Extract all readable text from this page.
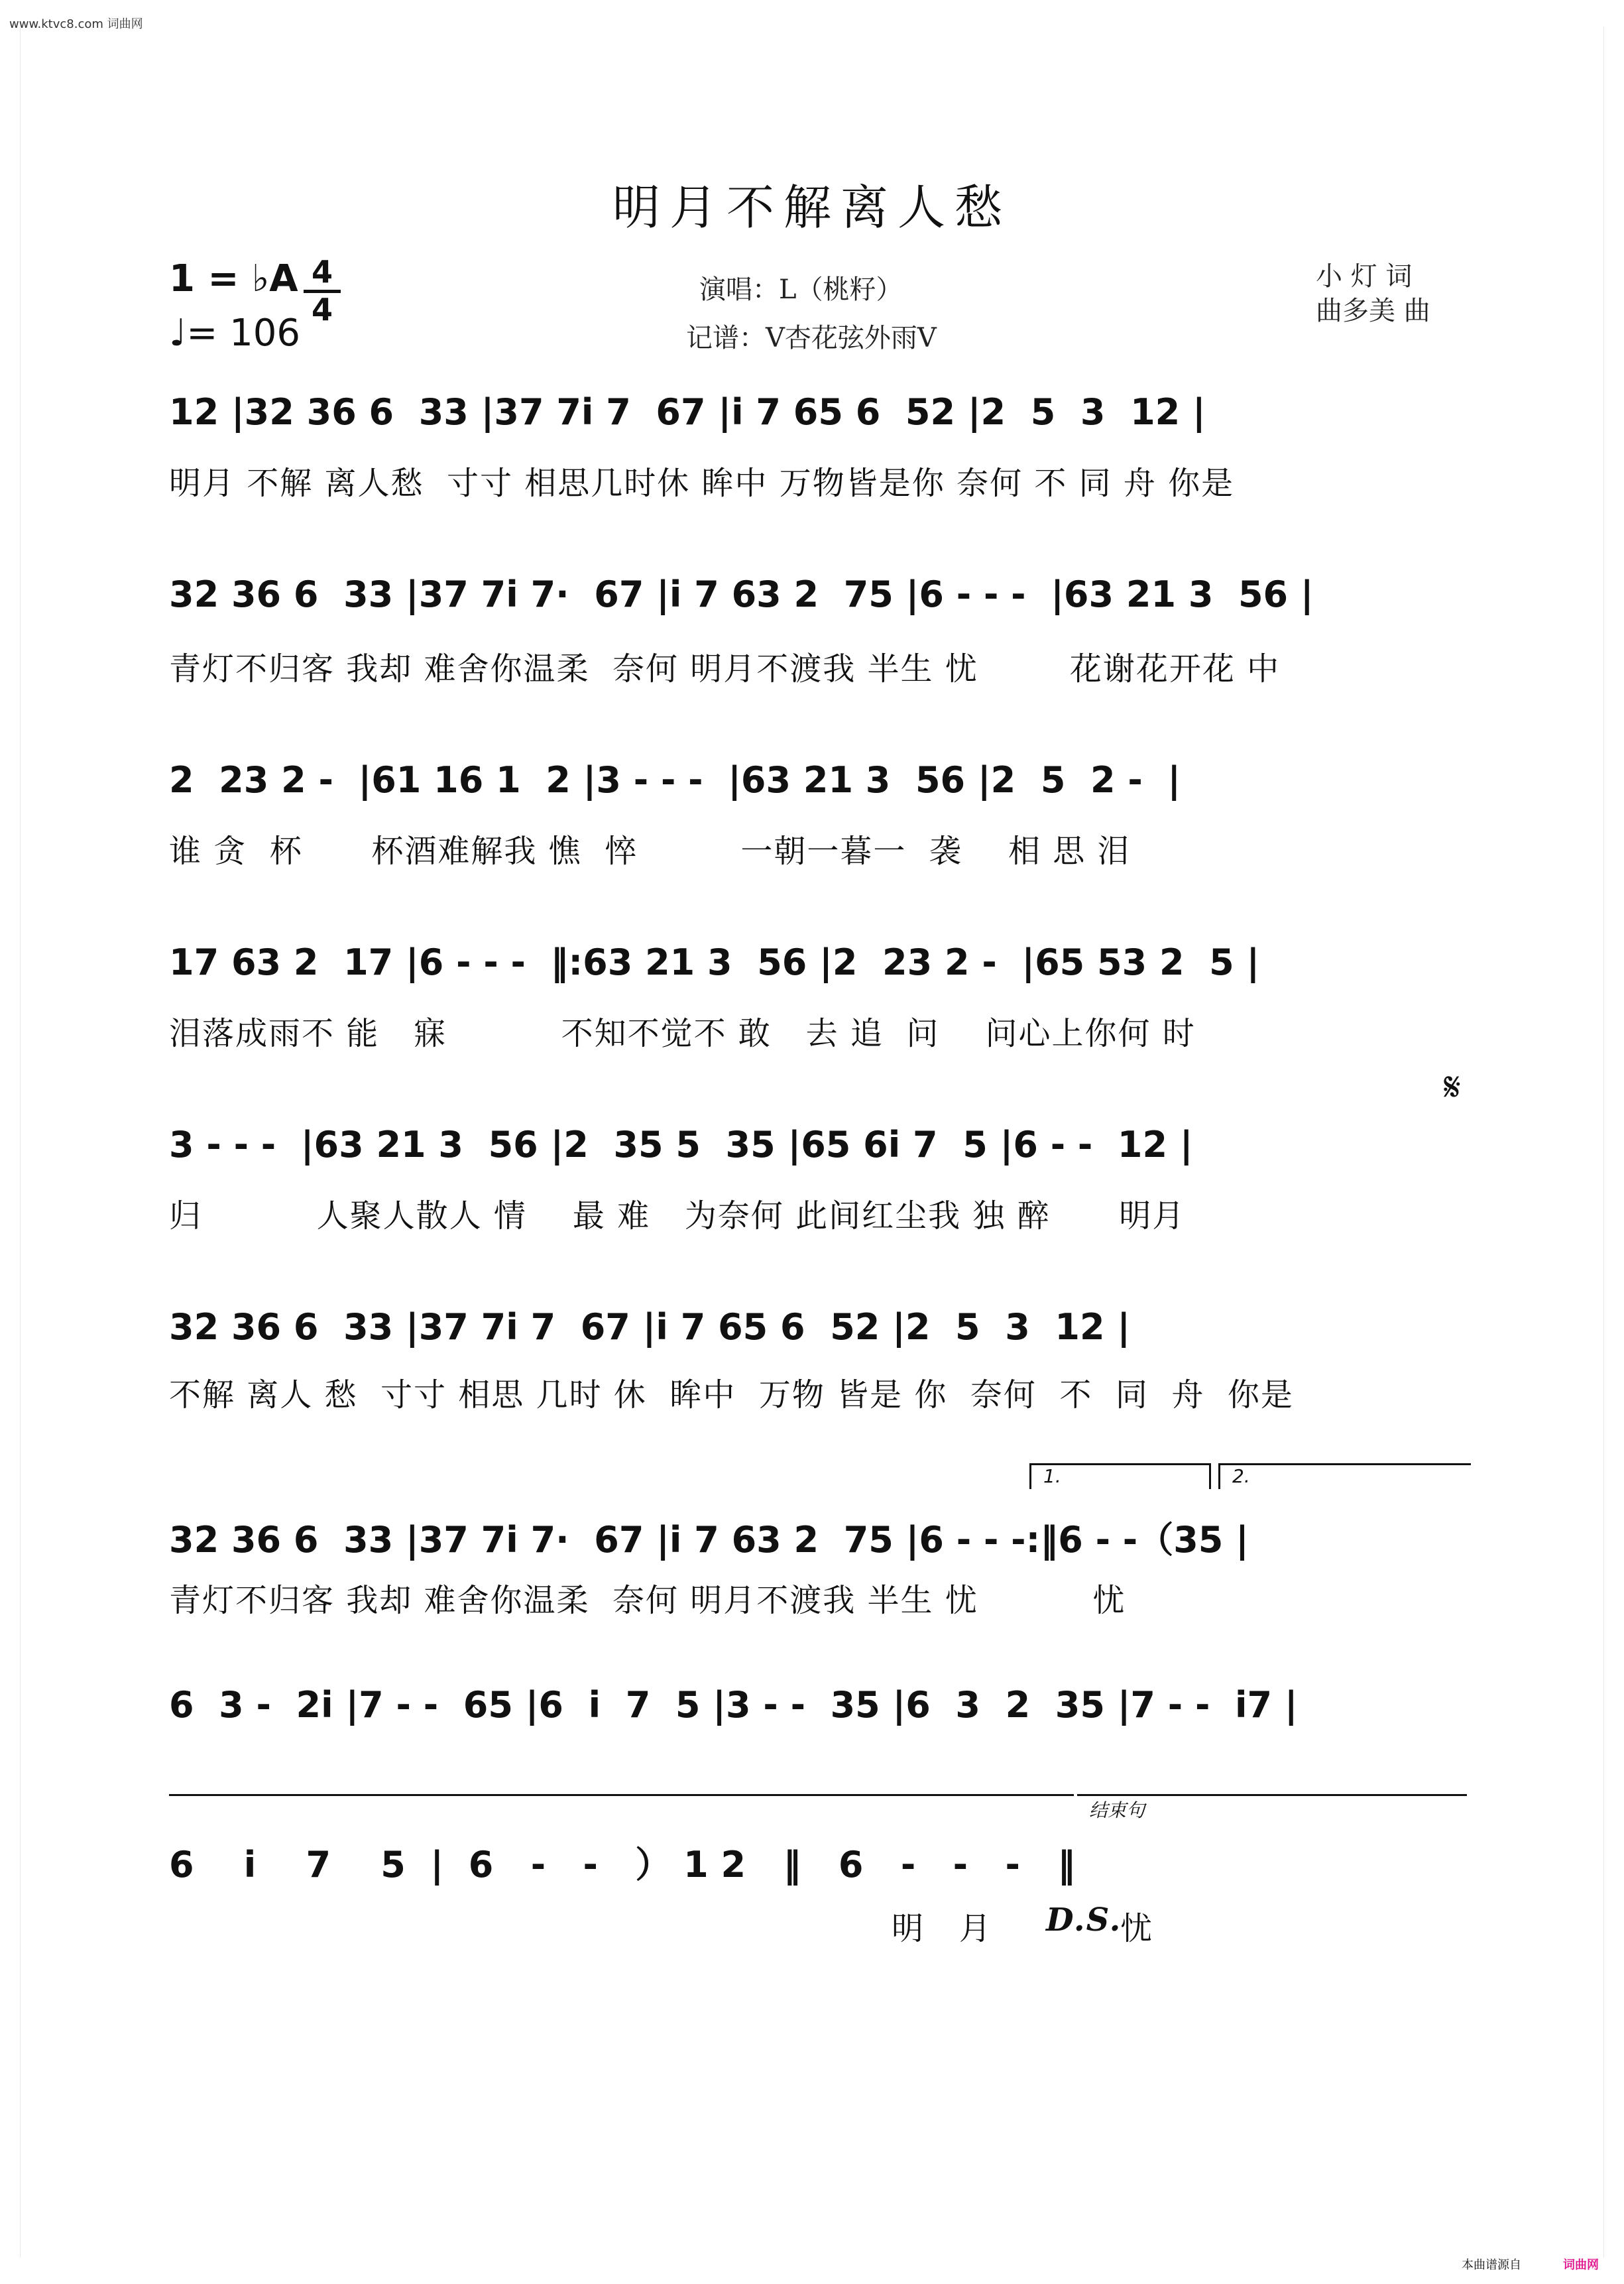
www.ktvc8.com 词曲网
明月不解离人愁
1 = ♭A 4
4
♩= 106
演唱：L（桃籽）
记谱：V杏花弦外雨V
小 灯 词
曲多美 曲
12 |32 36 6  33 |37 7i 7  67 |i 7 65 6  52 |2  5  3  12 |
明月 不解 离人愁  寸寸 相思几时休 眸中 万物皆是你 奈何 不 同 舟 你是
32 36 6  33 |37 7i 7·  67 |i 7 63 2  75 |6 - - -  |63 21 3  56 |
青灯不归客 我却 难舍你温柔  奈何 明月不渡我 半生 忧        花谢花开花 中
2  23 2 -  |61 16 1  2 |3 - - -  |63 21 3  56 |2  5  2 -  |
谁 贪  杯      杯酒难解我 憔  悴         一朝一暮一  袭    相 思 泪
17 63 2  17 |6 - - -  ‖:63 21 3  56 |2  23 2 -  |65 53 2  5 |
泪落成雨不 能   寐          不知不觉不 敢   去 追  问    问心上你何 时
𝄋
3 - - -  |63 21 3  56 |2  35 5  35 |65 6i 7  5 |6 - -  12 |
归          人聚人散人 情    最 难   为奈何 此间红尘我 独 醉      明月
32 36 6  33 |37 7i 7  67 |i 7 65 6  52 |2  5  3  12 |
不解 离人 愁  寸寸 相思 几时 休  眸中  万物 皆是 你  奈何  不  同  舟  你是
1.	2.
32 36 6  33 |37 7i 7·  67 |i 7 63 2  75 |6 - - -:‖6 - -（35 |
青灯不归客 我却 难舍你温柔  奈何 明月不渡我 半生 忧          忧
6  3 -  2i |7 - -  65 |6  i  7  5 |3 - -  35 |6  3  2  35 |7 - -  i7 |
结束句
6    i    7    5  |  6   -   -   ） 1 2   ‖   6   -   -   -   ‖
明   月 D.S.
忧
本曲谱源自	词曲网
